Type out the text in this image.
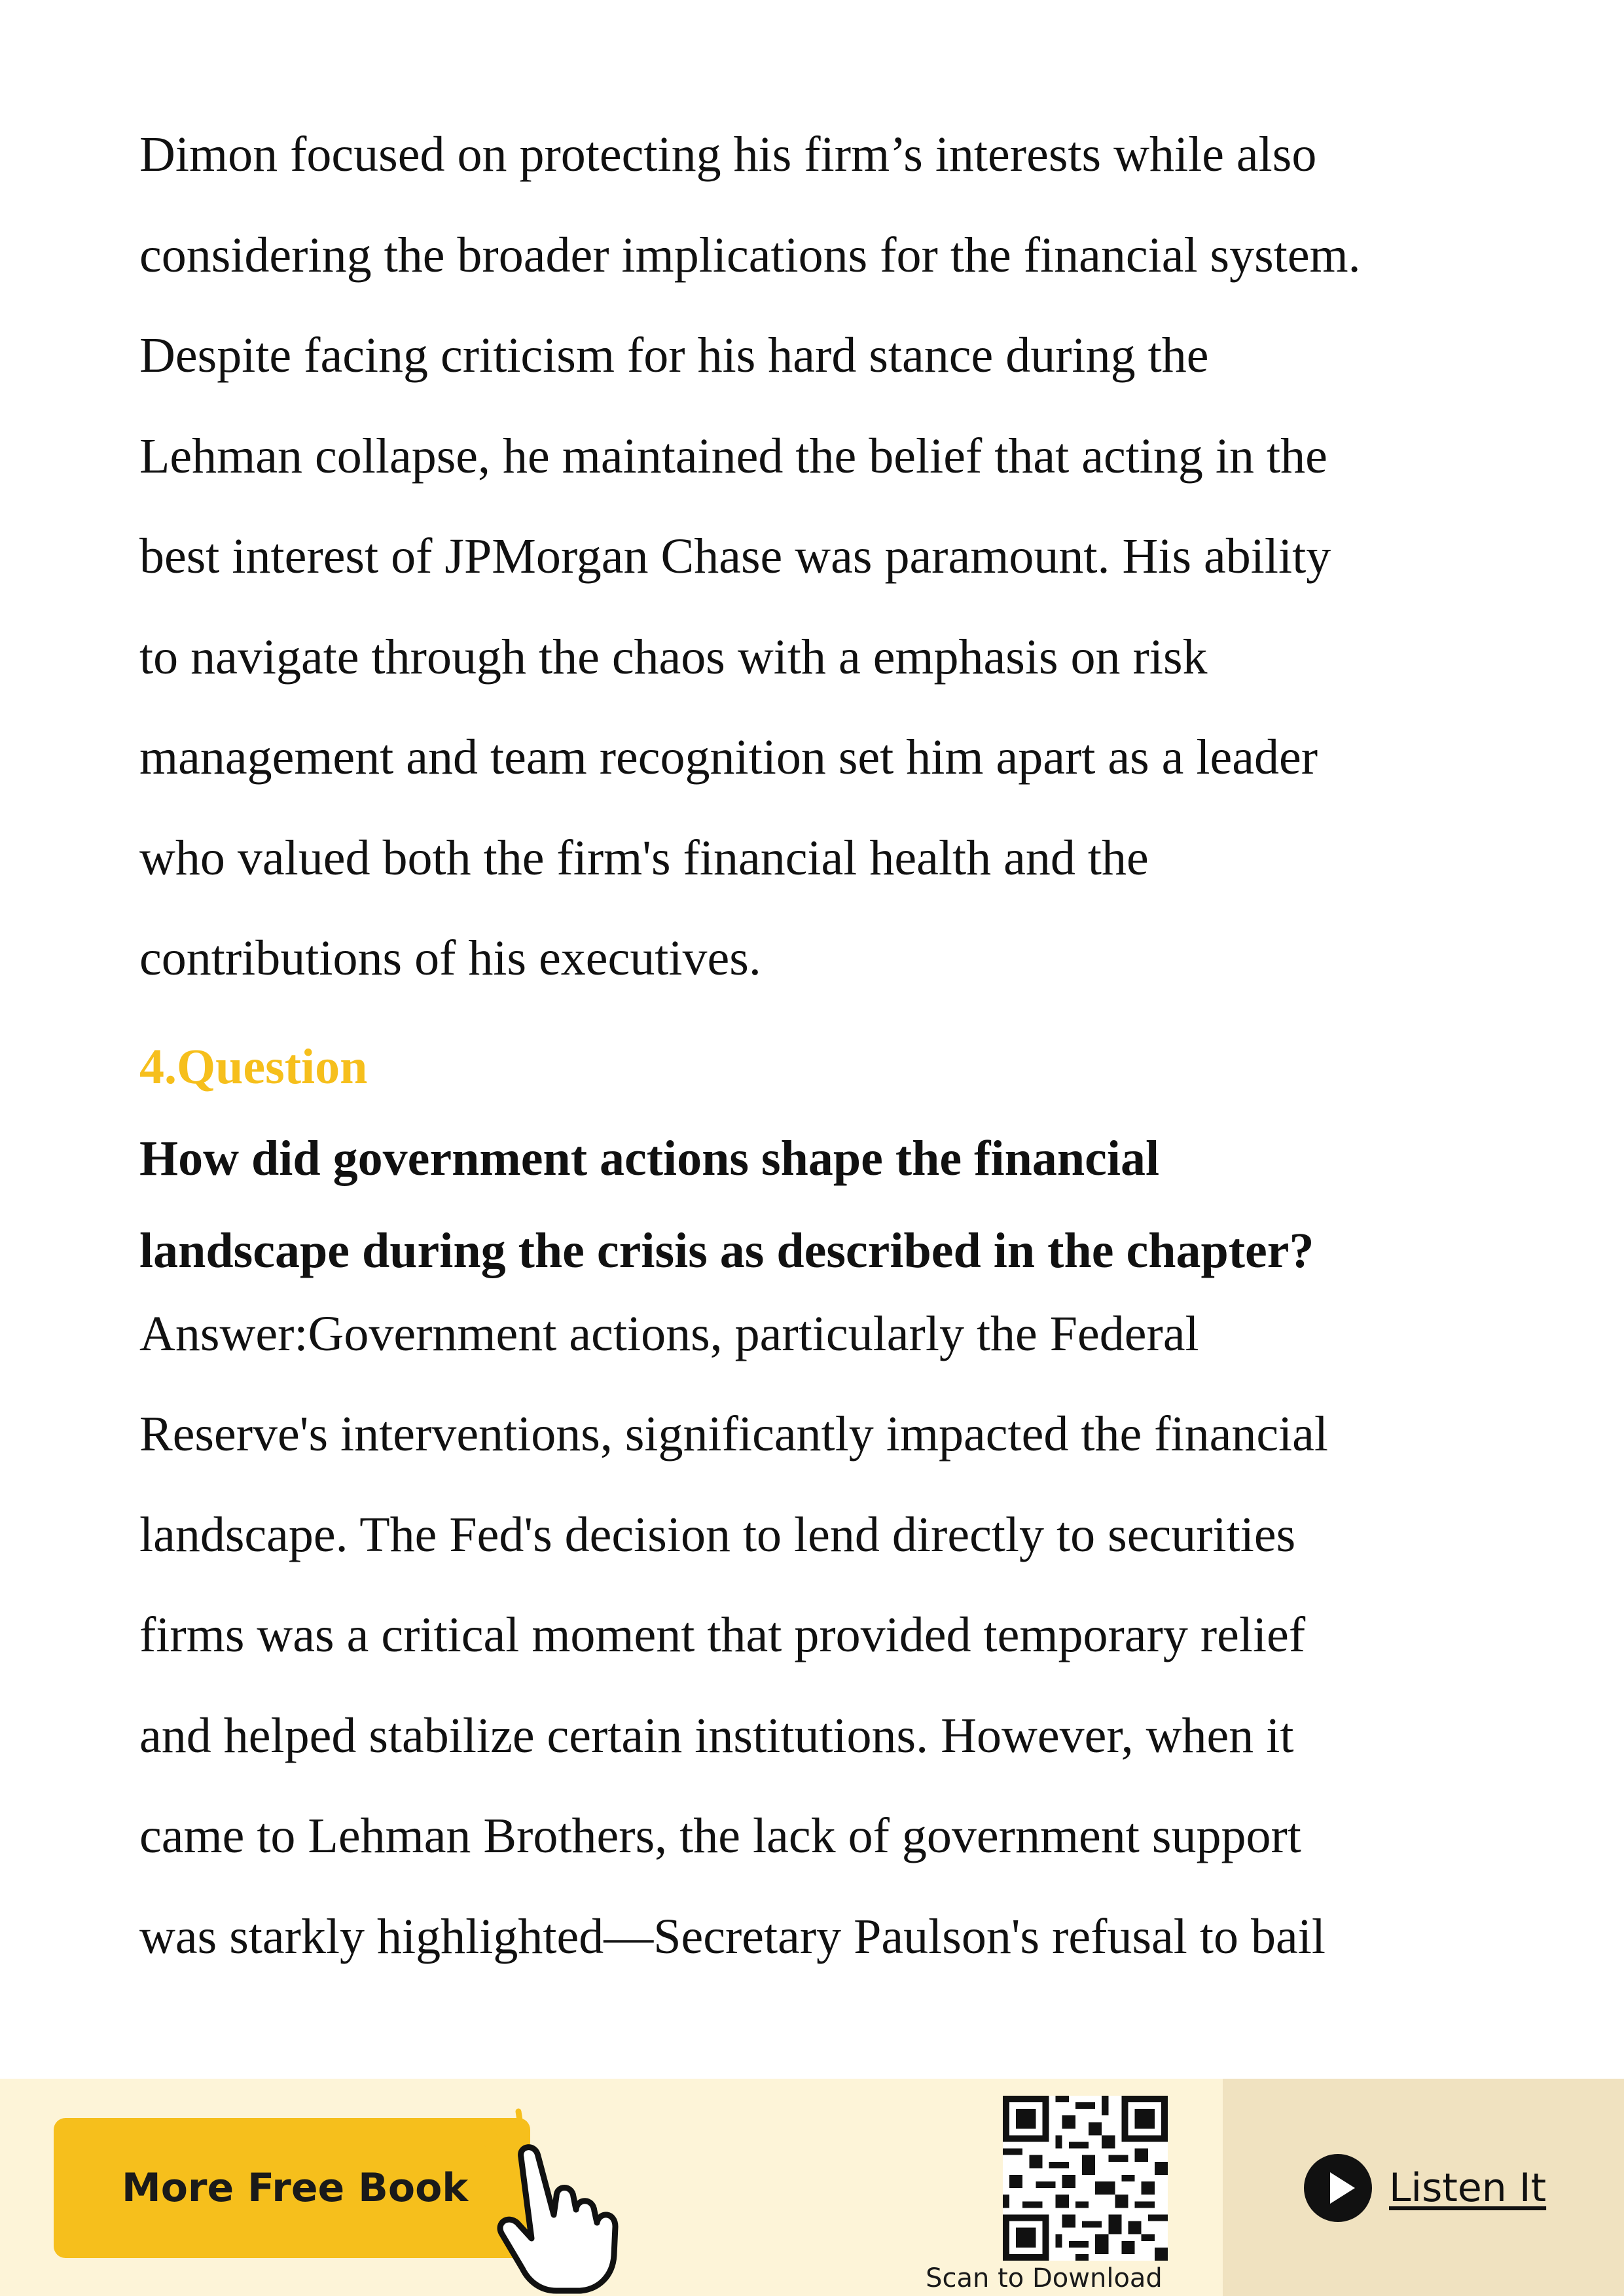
Dimon focused on protecting his firm’s interests while also
considering the broader implications for the financial system.
Despite facing criticism for his hard stance during the
Lehman collapse, he maintained the belief that acting in the
best interest of JPMorgan Chase was paramount. His ability
to navigate through the chaos with a emphasis on risk
management and team recognition set him apart as a leader
who valued both the firm's financial health and the
contributions of his executives.

4.Question

How did government actions shape the financial
landscape during the crisis as described in the chapter?

Answer:Government actions, particularly the Federal
Reserve's interventions, significantly impacted the financial
landscape. The Fed's decision to lend directly to securities
firms was a critical moment that provided temporary relief
and helped stabilize certain institutions. However, when it
came to Lehman Brothers, the lack of government support
was starkly highlighted—Secretary Paulson's refusal to bail

More Free Book
Scan to Download
Listen It
